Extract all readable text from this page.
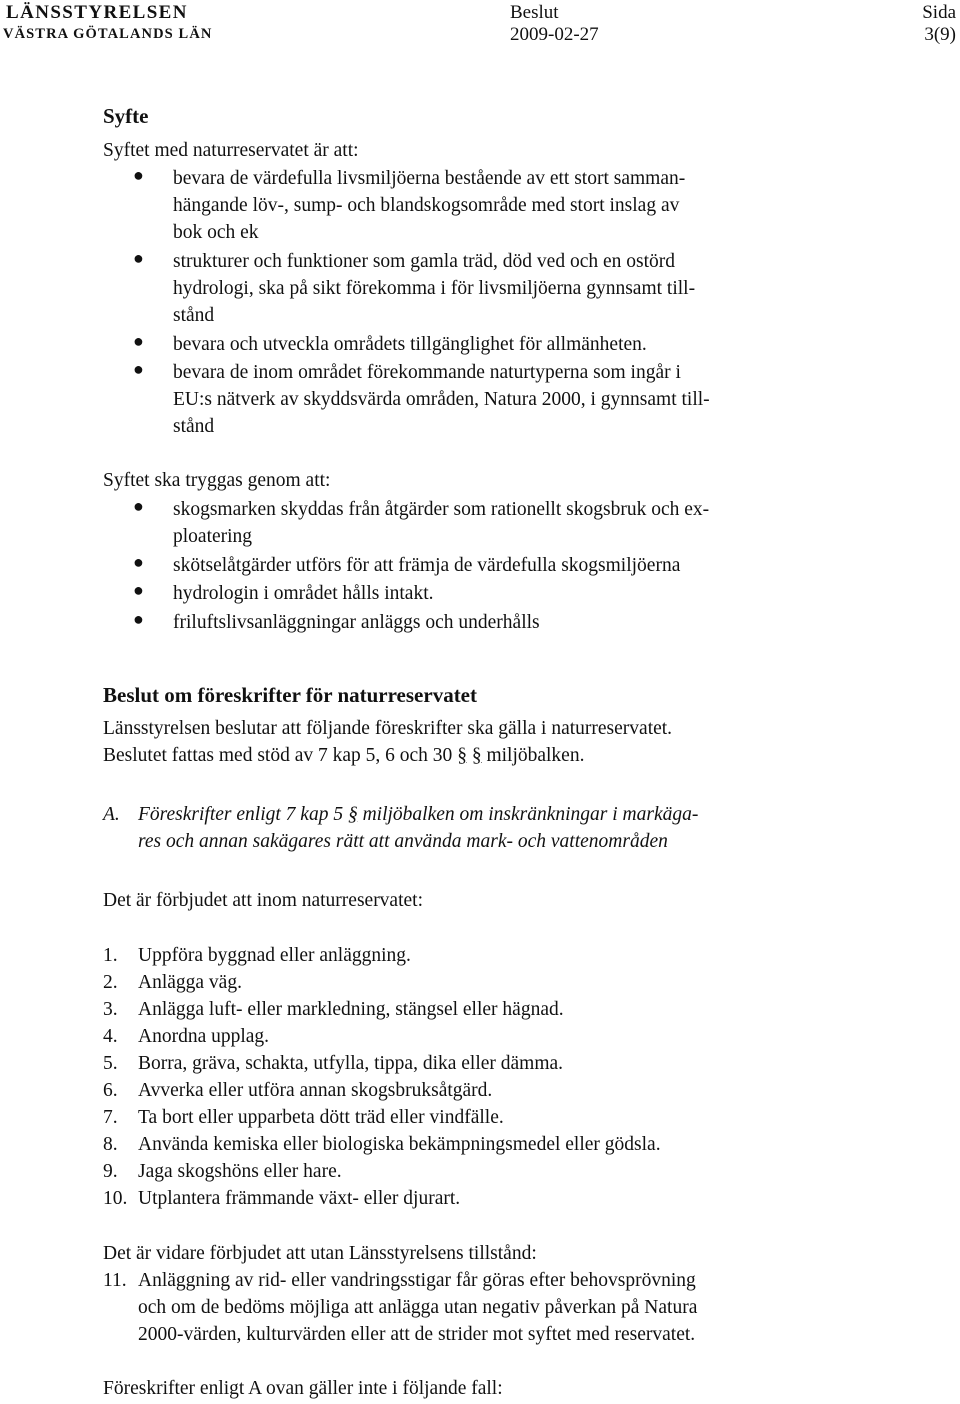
LÄNSSTYRELSEN
VÄSTRA GÖTALANDS LÄN
Beslut
2009-02-27
Sida
3(9)
Syfte
Syftet med naturreservatet är att:
● bevara de värdefulla livsmiljöerna bestående av ett stort samman-
hängande löv-, sump- och blandskogsområde med stort inslag av
bok och ek
● strukturer och funktioner som gamla träd, död ved och en ostörd
hydrologi, ska på sikt förekomma i för livsmiljöerna gynnsamt till-
stånd
● bevara och utveckla områdets tillgänglighet för allmänheten.
● bevara de inom området förekommande naturtyperna som ingår i
EU:s nätverk av skyddsvärda områden, Natura 2000, i gynnsamt till-
stånd
Syftet ska tryggas genom att:
● skogsmarken skyddas från åtgärder som rationellt skogsbruk och ex-
ploatering
● skötselåtgärder utförs för att främja de värdefulla skogsmiljöerna
● hydrologin i området hålls intakt.
● friluftslivsanläggningar anläggs och underhålls
Beslut om föreskrifter för naturreservatet
Länsstyrelsen beslutar att följande föreskrifter ska gälla i naturreservatet.
Beslutet fattas med stöd av 7 kap 5, 6 och 30 § § miljöbalken.
A. Föreskrifter enligt 7 kap 5 § miljöbalken om inskränkningar i markäga-
res och annan sakägares rätt att använda mark- och vattenområden
Det är förbjudet att inom naturreservatet:
1. Uppföra byggnad eller anläggning.
2. Anlägga väg.
3. Anlägga luft- eller markledning, stängsel eller hägnad.
4. Anordna upplag.
5. Borra, gräva, schakta, utfylla, tippa, dika eller dämma.
6. Avverka eller utföra annan skogsbruksåtgärd.
7. Ta bort eller upparbeta dött träd eller vindfälle.
8. Använda kemiska eller biologiska bekämpningsmedel eller gödsla.
9. Jaga skogshöns eller hare.
10. Utplantera främmande växt- eller djurart.
Det är vidare förbjudet att utan Länsstyrelsens tillstånd:
11. Anläggning av rid- eller vandringsstigar får göras efter behovsprövning
och om de bedöms möjliga att anlägga utan negativ påverkan på Natura
2000-värden, kulturvärden eller att de strider mot syftet med reservatet.
Föreskrifter enligt A ovan gäller inte i följande fall:
